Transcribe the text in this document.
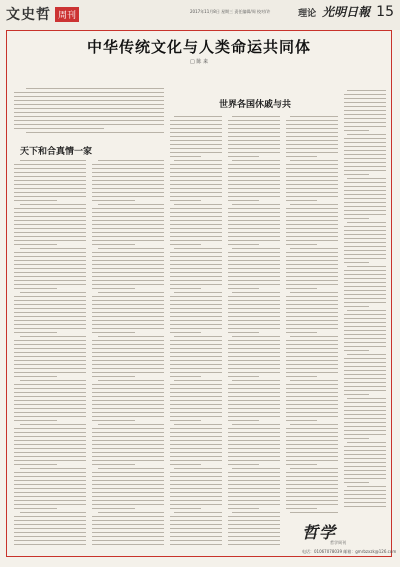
文史哲 周刊	2017年11月8日 星期三 责任编辑/周 校对/许	理论 光明日報 15
中华传统文化与人类命运共同体
□ 陈 来
天下和合真情一家
世界各国休戚与共
哲学
哲学周刊
电话：01067078039 邮箱：gmrbzxzk@126.com
